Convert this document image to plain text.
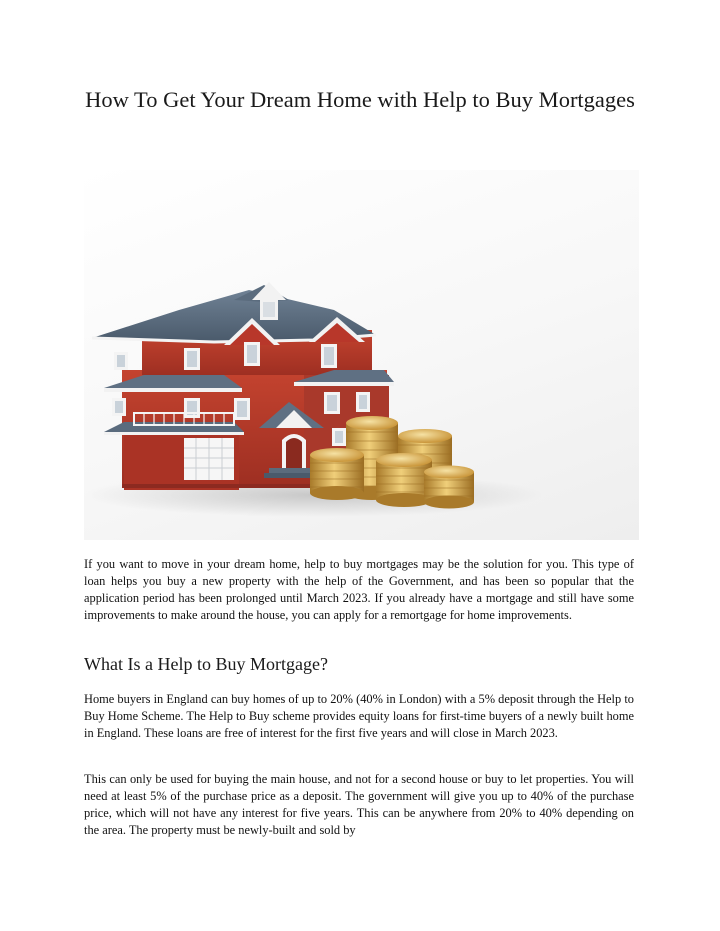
How To Get Your Dream Home with Help to Buy Mortgages

If you want to move in your dream home, help to buy mortgages may be the solution for you. This type of loan helps you buy a new property with the help of the Government, and has been so popular that the application period has been prolonged until March 2023. If you already have a mortgage and still have some improvements to make around the house, you can apply for a remortgage for home improvements.

What Is a Help to Buy Mortgage?

Home buyers in England can buy homes of up to 20% (40% in London) with a 5% deposit through the Help to Buy Home Scheme. The Help to Buy scheme provides equity loans for first-time buyers of a newly built home in England. These loans are free of interest for the first five years and will close in March 2023.

This can only be used for buying the main house, and not for a second house or buy to let properties. You will need at least 5% of the purchase price as a deposit. The government will give you up to 40% of the purchase price, which will not have any interest for five years. This can be anywhere from 20% to 40% depending on the area. The property must be newly-built and sold by
